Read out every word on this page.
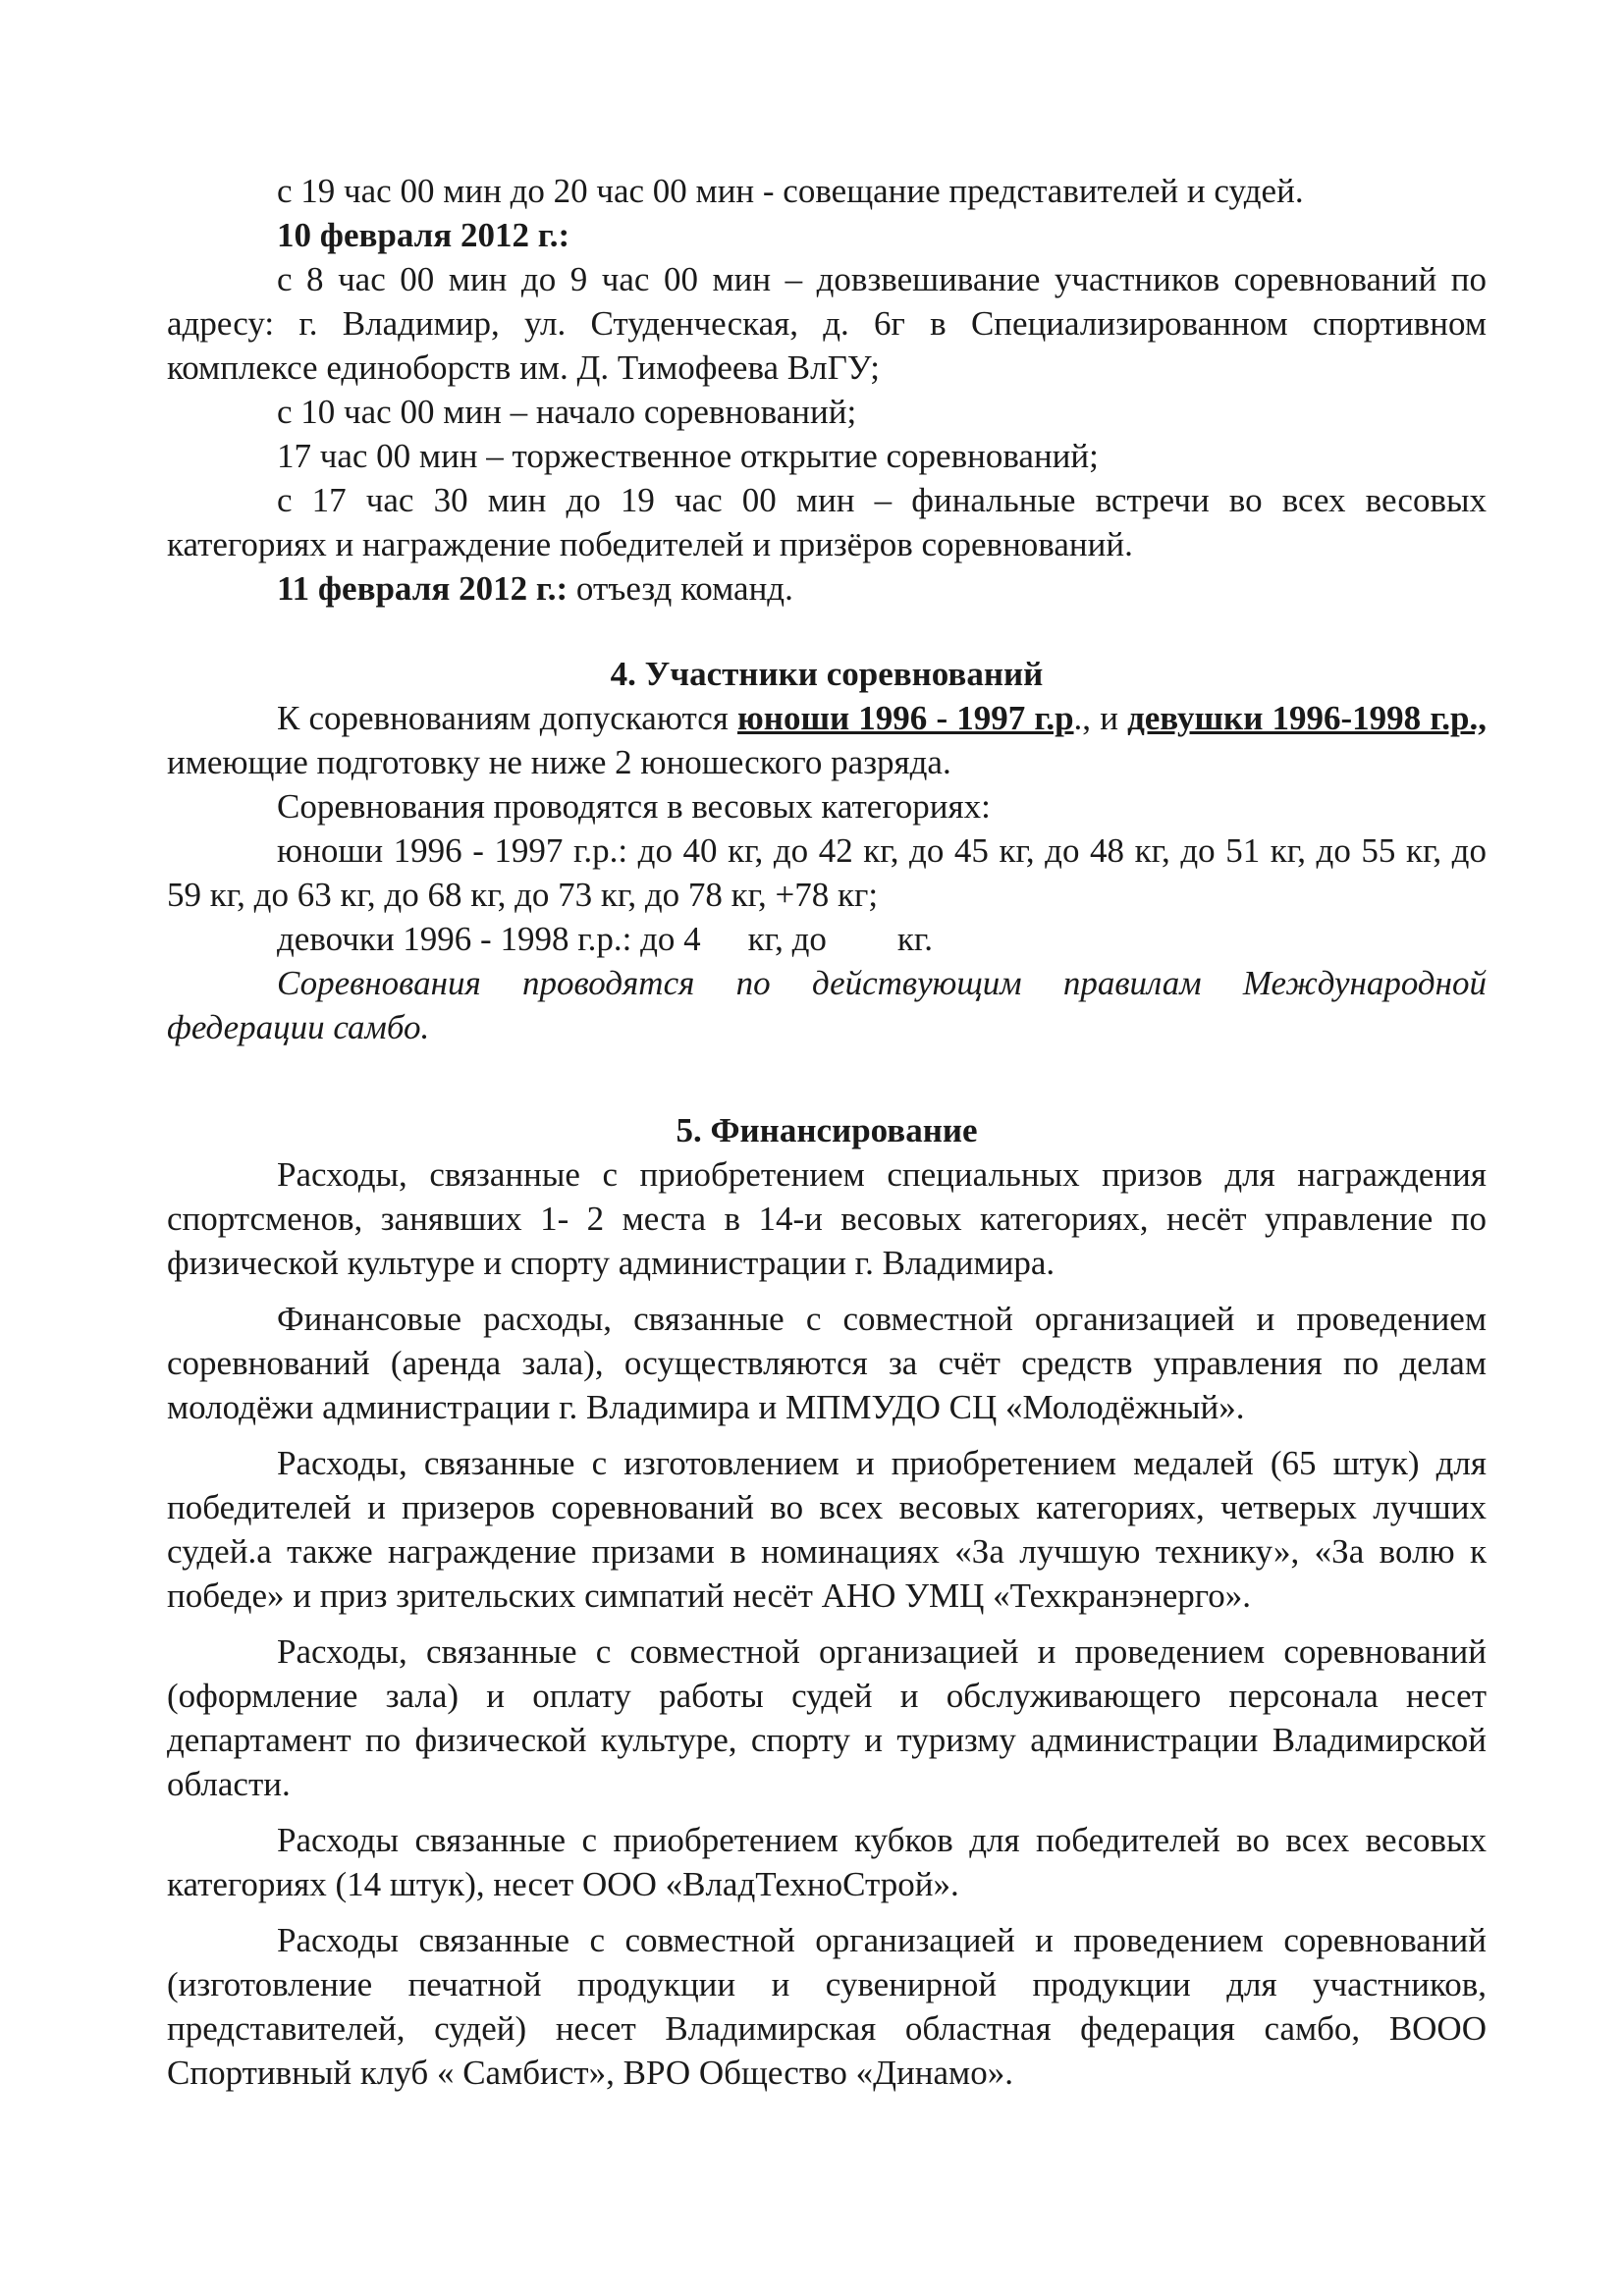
с 19 час 00 мин до 20 час 00 мин - совещание представителей и судей.

10 февраля 2012 г.:

с 8 час 00 мин до 9 час 00 мин – довзвешивание участников соревнований по адресу: г. Владимир, ул. Студенческая, д. 6г в Специализированном спортивном комплексе единоборств им. Д. Тимофеева ВлГУ;

с 10 час 00 мин – начало соревнований;

17 час 00 мин – торжественное открытие соревнований;

с 17 час 30 мин до 19 час 00 мин – финальные встречи во всех весовых категориях и награждение победителей и призёров соревнований.

11 февраля 2012 г.: отъезд команд.

4. Участники соревнований

К соревнованиям допускаются юноши 1996 - 1997 г.р., и девушки 1996-1998 г.р., имеющие подготовку не ниже 2 юношеского разряда.

Соревнования проводятся в весовых категориях:

юноши 1996 - 1997 г.р.: до 40 кг, до 42 кг, до 45 кг, до 48 кг, до 51 кг, до 55 кг, до 59 кг, до 63 кг, до 68 кг, до 73 кг, до 78 кг, +78 кг;

девочки 1996 - 1998 г.р.: до 4 кг, до кг.

Соревнования проводятся по действующим правилам Международной федерации самбо.

5. Финансирование

Расходы, связанные с приобретением специальных призов для награждения спортсменов, занявших 1- 2 места в 14-и весовых категориях, несёт управление по физической культуре и спорту администрации г. Владимира.

Финансовые расходы, связанные с совместной организацией и проведением соревнований (аренда зала), осуществляются за счёт средств управления по делам молодёжи администрации г. Владимира и МПМУДО СЦ «Молодёжный».

Расходы, связанные с изготовлением и приобретением медалей (65 штук) для победителей и призеров соревнований во всех весовых категориях, четверых лучших судей.а также награждение призами в номинациях «За лучшую технику», «За волю к победе» и приз зрительских симпатий несёт АНО УМЦ «Техкранэнерго».

Расходы, связанные с совместной организацией и проведением соревнований (оформление зала) и оплату работы судей и обслуживающего персонала несет департамент по физической культуре, спорту и туризму администрации Владимирской области.

Расходы связанные с приобретением кубков для победителей во всех весовых категориях (14 штук), несет ООО «ВладТехноСтрой».

Расходы связанные с совместной организацией и проведением соревнований (изготовление печатной продукции и сувенирной продукции для участников, представителей, судей) несет Владимирская областная федерация самбо, ВООО Спортивный клуб « Самбист», ВРО Общество «Динамо».
